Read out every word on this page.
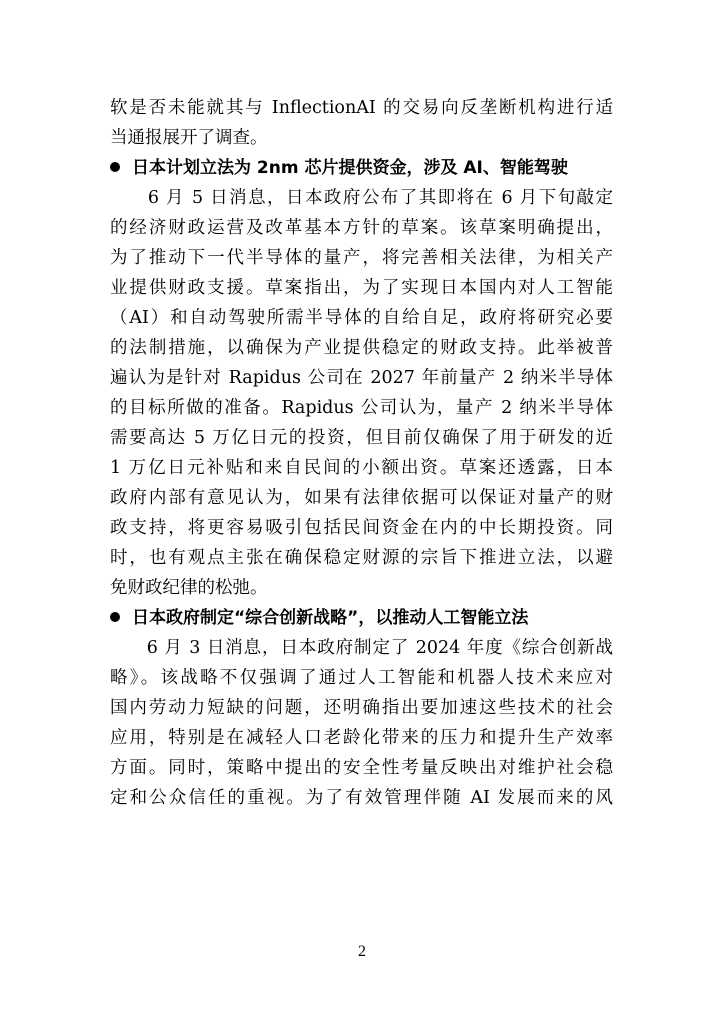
软是否未能就其与 InflectionAI 的交易向反垄断机构进行适
当通报展开了调查。
日本计划立法为 2nm 芯片提供资金，涉及 AI、智能驾驶
　　6 月 5 日消息，日本政府公布了其即将在 6 月下旬敲定
的经济财政运营及改革基本方针的草案。该草案明确提出，
为了推动下一代半导体的量产，将完善相关法律，为相关产
业提供财政支援。草案指出，为了实现日本国内对人工智能
（AI）和自动驾驶所需半导体的自给自足，政府将研究必要
的法制措施，以确保为产业提供稳定的财政支持。此举被普
遍认为是针对 Rapidus 公司在 2027 年前量产 2 纳米半导体
的目标所做的准备。Rapidus 公司认为，量产 2 纳米半导体
需要高达 5 万亿日元的投资，但目前仅确保了用于研发的近
1 万亿日元补贴和来自民间的小额出资。草案还透露，日本
政府内部有意见认为，如果有法律依据可以保证对量产的财
政支持，将更容易吸引包括民间资金在内的中长期投资。同
时，也有观点主张在确保稳定财源的宗旨下推进立法，以避
免财政纪律的松弛。
日本政府制定“综合创新战略”，以推动人工智能立法
　　6 月 3 日消息，日本政府制定了 2024 年度《综合创新战
略》。该战略不仅强调了通过人工智能和机器人技术来应对
国内劳动力短缺的问题，还明确指出要加速这些技术的社会
应用，特别是在减轻人口老龄化带来的压力和提升生产效率
方面。同时，策略中提出的安全性考量反映出对维护社会稳
定和公众信任的重视。为了有效管理伴随 AI 发展而来的风
2
